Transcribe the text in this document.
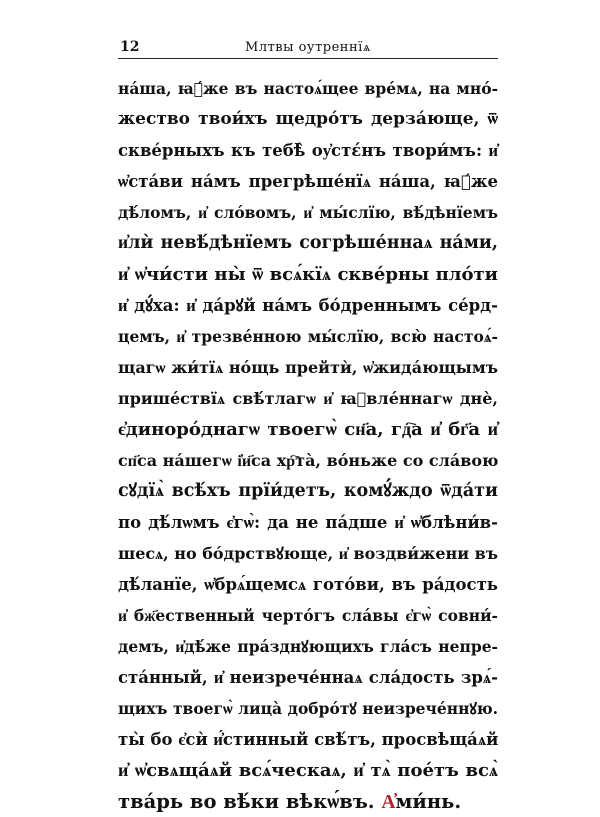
12	Млтвы оутреннїѧ
на́ша, ꙗ҆́же въ настоѧ́щее вре́мѧ, на мно́-
жество твои́хъ щедро́тъ дерза́юще, ѿ
скве́рныхъ къ тебѣ̀ оу҆стέнъ твори́мъ: и҆
ѡ҆ста́ви на́мъ прегрѣше́нїѧ на́ша, ꙗ҆́же
дѣ́ломъ, и҆ сло́вомъ, и҆ мы́слїю, вѣ́дѣнїемъ
и҆лѝ невѣ́дѣнїемъ согрѣше́ннаѧ на́ми,
и҆ ѡ҆чи́сти ны̀ ѿ всѧ́кїѧ скве́рны пло́ти
и҆ дꙋ́ха: и҆ да́рꙋй на́мъ бо́дреннымъ се́рд-
цемъ, и҆ трезве́нною мы́слїю, всю̀ настоѧ́-
щагѡ жи́тїѧ но́щь прейтѝ, ѡ҆жида́ющымъ
прише́ствїѧ свѣ́тлагѡ и҆ ꙗ҆вле́ннагѡ днѐ,
є҆диноро́днагѡ твоегѡ̀ сн҃а, гд҇а и҆ бг҃а и҆
сп҃са на́шегѡ і҆и҃са хр҇та̀, во́ньже со сла́вою
сꙋдїѧ̀ всѣ́хъ прїи́детъ, комꙋ́ждо ѿда́ти
по дѣ́лѡмъ є҆гѡ̀: да не па́дше и҆ ѡ҆блѣни́в-
шесѧ, но бо́дрствꙋюще, и҆ воздви́жени въ
дѣ́ланїе, ѡ҆брѧ́щемсѧ гото́ви, въ ра́дость
и҆ бж҃ественный черто́гъ сла́вы є҆гѡ̀ совни́-
демъ, и҆дѣ́же пра́зднꙋющихъ гла́съ непре-
ста́нный, и҆ неизрече́ннаѧ сла́дость зрѧ́-
щихъ твоегѡ̀ лица̀ добро́тꙋ неизрече́ннꙋю.
ты̀ бо є҆сѝ и҆́стинный свѣ́тъ, просвѣща́ѧй
и҆ ѡ҆свѧща́ѧй всѧ́ческаѧ, и҆ тѧ̀ пое́тъ всѧ̀
тва́рь во вѣ́ки вѣкѡ́въ. А҆ми́нь.
